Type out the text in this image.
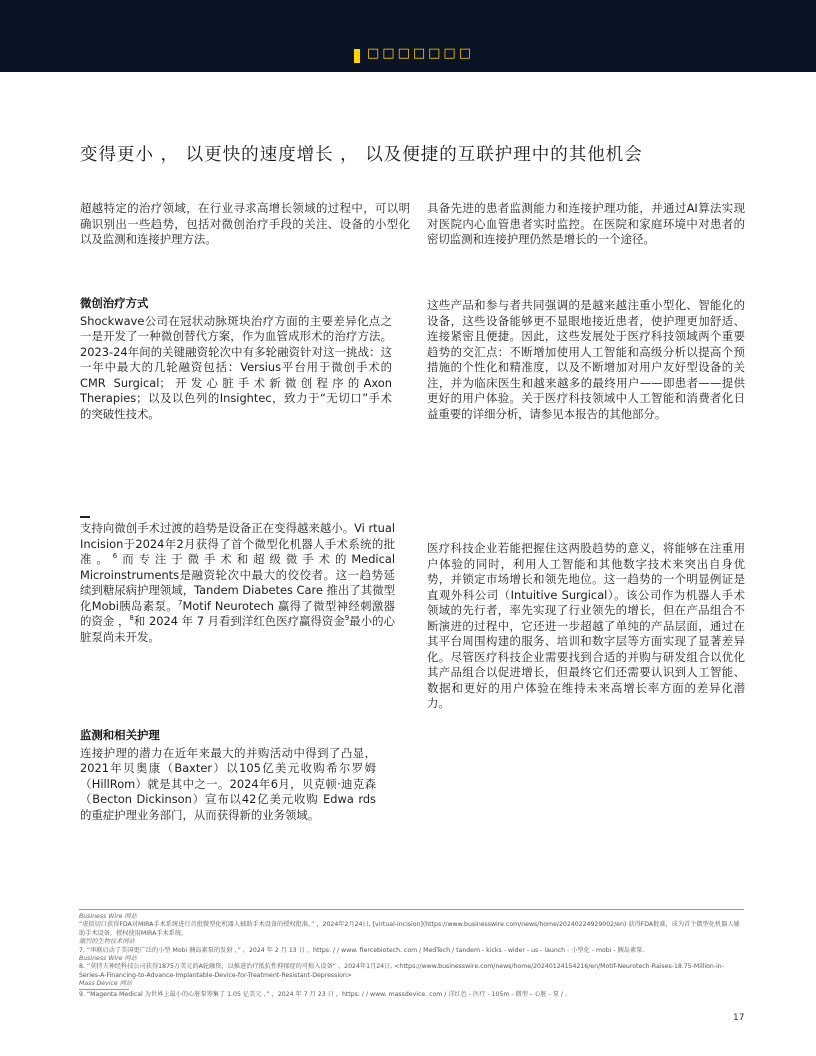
□□□□□□□
变得更小 ， 以更快的速度增长 ， 以及便捷的互联护理中的其他机会

超越特定的治疗领域，在行业寻求高增长领域的过程中，可以明确识别出一些趋势，包括对微创治疗手段的关注、设备的小型化以及监测和连接护理方法。

微创治疗方式

Shockwave公司在冠状动脉斑块治疗方面的主要差异化点之一是开发了一种微创替代方案，作为血管成形术的治疗方法。2023-24年间的关键融资轮次中有多轮融资针对这一挑战：这一年中最大的几轮融资包括：Versius平台用于微创手术的CMR Surgical；开发心脏手术新微创程序的Axon Therapies；以及以色列的Insightec，致力于“无切口”手术的突破性技术。

支持向微创手术过渡的趋势是设备正在变得越来越小。Vi rtual Incision于2024年2月获得了首个微型化机器人手术系统的批准。$^6$而专注于微手术和超级微手术的Medical Microinstruments是融资轮次中最大的佼佼者。这一趋势延续到糖尿病护理领域，Tandem Diabetes Care 推出了其微型化Mobi胰岛素泵。$^7$Motif Neurotech 赢得了微型神经刺激器的资金 ，$^8$和 2024 年 7 月看到洋红色医疗赢得资金$^9$最小的心脏泵尚未开发。

监测和相关护理

连接护理的潜力在近年来最大的并购活动中得到了凸显，2021年贝奥康（Baxter）以105亿美元收购希尔罗姆（HillRom）就是其中之一。2024年6月，贝克顿·迪克森（Becton Dickinson）宣布以42亿美元收购 Edwa rds 的重症护理业务部门，从而获得新的业务领域。

具备先进的患者监测能力和连接护理功能，并通过AI算法实现对医院内心血管患者实时监控。在医院和家庭环境中对患者的密切监测和连接护理仍然是增长的一个途径。

这些产品和参与者共同强调的是越来越注重小型化、智能化的设备，这些设备能够更不显眼地接近患者，使护理更加舒适、连接紧密且便捷。因此，这些发展处于医疗科技领域两个重要趋势的交汇点：不断增加使用人工智能和高级分析以提高个预措施的个性化和精准度，以及不断增加对用户友好型设备的关注，并为临床医生和越来越多的最终用户——即患者——提供更好的用户体验。关于医疗科技领域中人工智能和消费者化日益重要的详细分析，请参见本报告的其他部分。

医疗科技企业若能把握住这两股趋势的意义，将能够在注重用户体验的同时，利用人工智能和其他数字技术来突出自身优势，并锁定市场增长和领先地位。这一趋势的一个明显例证是直观外科公司（Intuitive Surgical）。该公司作为机器人手术领域的先行者，率先实现了行业领先的增长，但在产品组合不断演进的过程中，它还进一步超越了单纯的产品层面，通过在其平台周围构建的服务、培训和数字层等方面实现了显著差异化。尽管医疗科技企业需要找到合适的并购与研发组合以优化其产品组合以促进增长，但最终它们还需要认识到人工智能、数据和更好的用户体验在维持未来高增长率方面的差异化潜力。

Business Wire 网站
“虚拟切口获得FDA对MIRA手术系统进行首批微型化机器人辅助手术设备的授权批准。” ，2024年2月24日, [virtual-incision](https://www.businesswire.com/news/home/20240224929002/en) 获得FDA批准，成为首个微型化机器人辅助手术设备，授权使用MIRA手术系统。
激烈的生物技术网站
7. “串联启动了美国更广泛的小型 Mobi 胰岛素泵的发射 ，” ，2024 年 2 月 13 日 ，https: / / www. fiercebiotech. com / MedTech / tandem - kicks - wider - us - launch - 小型化 - mobi - 胰岛素泵.
Business Wire 网站
8. “莫特夫神经科技公司获得1875万美元的A轮融资，以推进治疗抵抗性抑郁症的可植入设备” ，2024年1月24日, <https://www.businesswire.com/news/home/20240124154216/en/Motif-Neurotech-Raises-18.75-Million-in-Series-A-Financing-to-Advance-Implantable-Device-for-Treatment-Resistant-Depression>
Mass Device 网站
9. “Magenta Medical 为世界上最小的心脏泵筹集了 1.05 亿美元 ，” ，2024 年 7 月 23 日 ，https: / / www. massdevice. com / 洋红色 - 医疗 - 105m - 微型 - 心脏 - 泵 / 。
17
